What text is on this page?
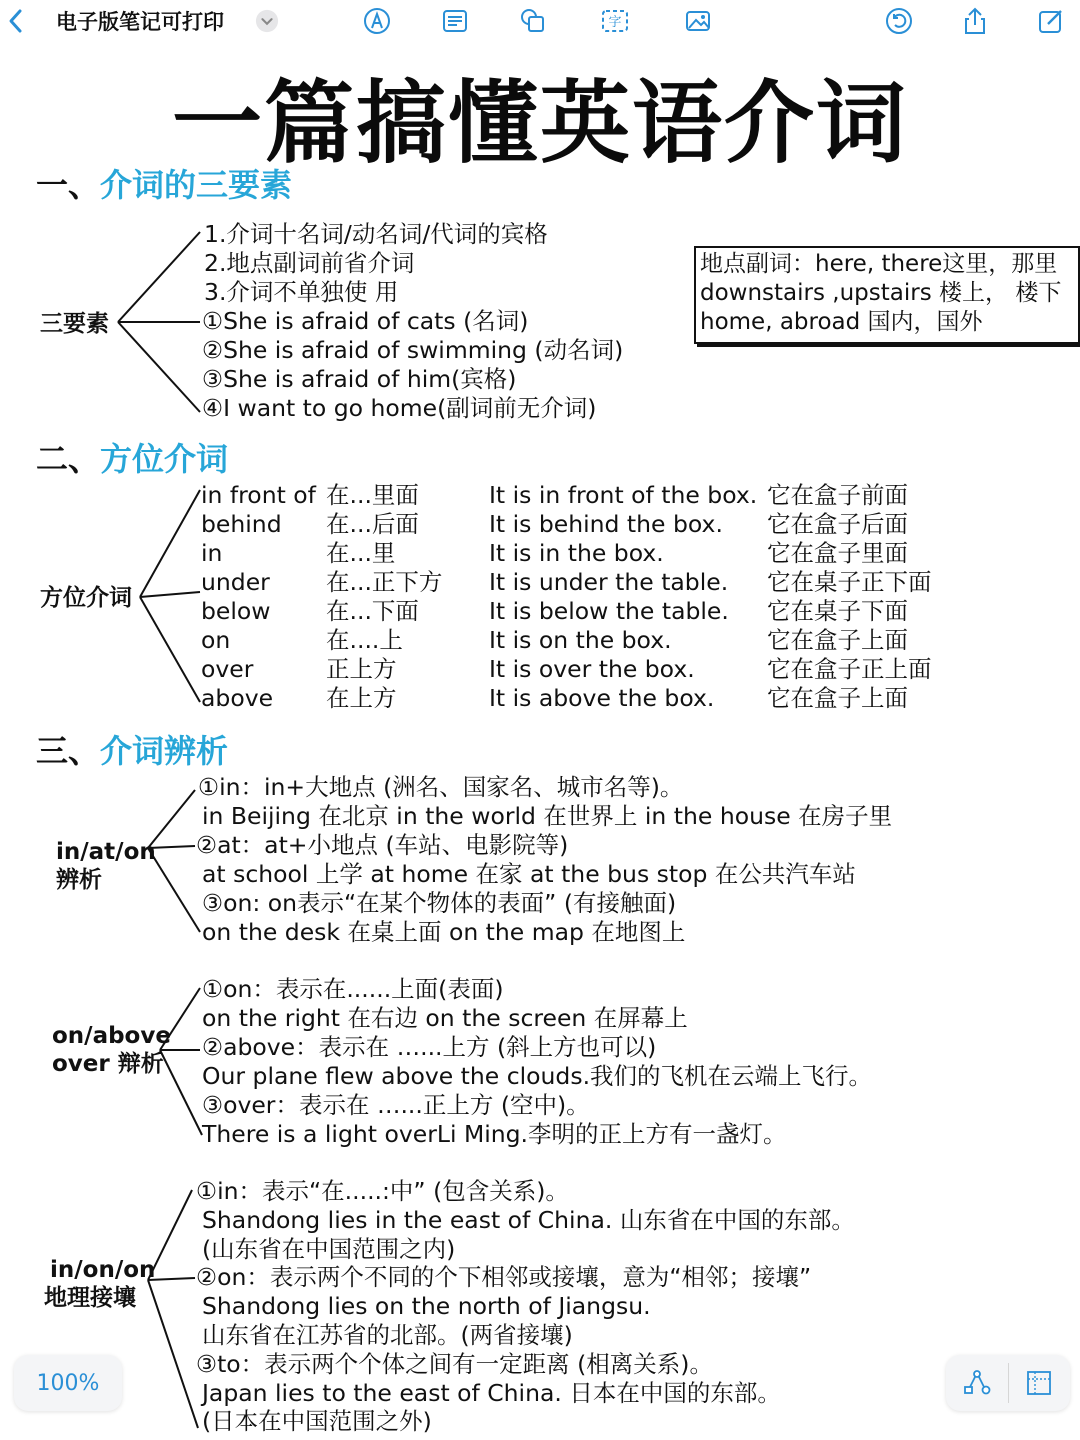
电子版笔记可打印	字
一篇搞懂英语介词
一、介词的三要素
三要素
1.介词十名词/动名词/代词的宾格
2.地点副词前省介词
3.介词不单独使 用
①She is afraid of cats (名词)
②She is afraid of swimming (动名词)
③She is afraid of him(宾格)
④I want to go home(副词前无介词)
地点副词：here, there这里，那里
downstairs ,upstairs 楼上， 楼下
home, abroad 国内，国外
二、方位介词
方位介词
in front of 在...里面	It is in front of the box. 它在盒子前面
behind 在...后面	It is behind the box. 它在盒子后面
in	在...里	It is in the box.	它在盒子里面
under 在...正下方 It is under the table. 它在桌子正下面
below 在...下面	It is below the table. 它在桌子下面
on	在....上	It is on the box.	它在盒子上面
over	正上方	It is over the box.	它在盒子正上面
above 在上方	It is above the box. 它在盒子上面
三、介词辨析
in/at/on
辨析
①in：in+大地点 (洲名、国家名、城市名等)。
in Beijing 在北京 in the world 在世界上 in the house 在房子里
②at：at+小地点 (车站、电影院等)
at school 上学 at home 在家 at the bus stop 在公共汽车站
③on: on表示“在某个物体的表面” (有接触面)
on the desk 在桌上面 on the map 在地图上
on/above
over 辩析
①on：表示在......上面(表面)
on the right 在右边 on the screen 在屏幕上
②above：表示在 …...上方 (斜上方也可以)
Our plane flew above the clouds.我们的飞机在云端上飞行。
③over：表示在 …...正上方 (空中)。
There is a light overLi Ming.李明的正上方有一盏灯。
in/on/on
地理接壤
①in：表示“在.....:中” (包含关系)。
Shandong lies in the east of China. 山东省在中国的东部。
(山东省在中国范围之内)
②on：表示两个不同的个下相邻或接壤，意为“相邻；接壤”
Shandong lies on the north of Jiangsu.
山东省在江苏省的北部。(两省接壤)
③to：表示两个个体之间有一定距离 (相离关系)。
Japan lies to the east of China. 日本在中国的东部。
(日本在中国范围之外)
100%
